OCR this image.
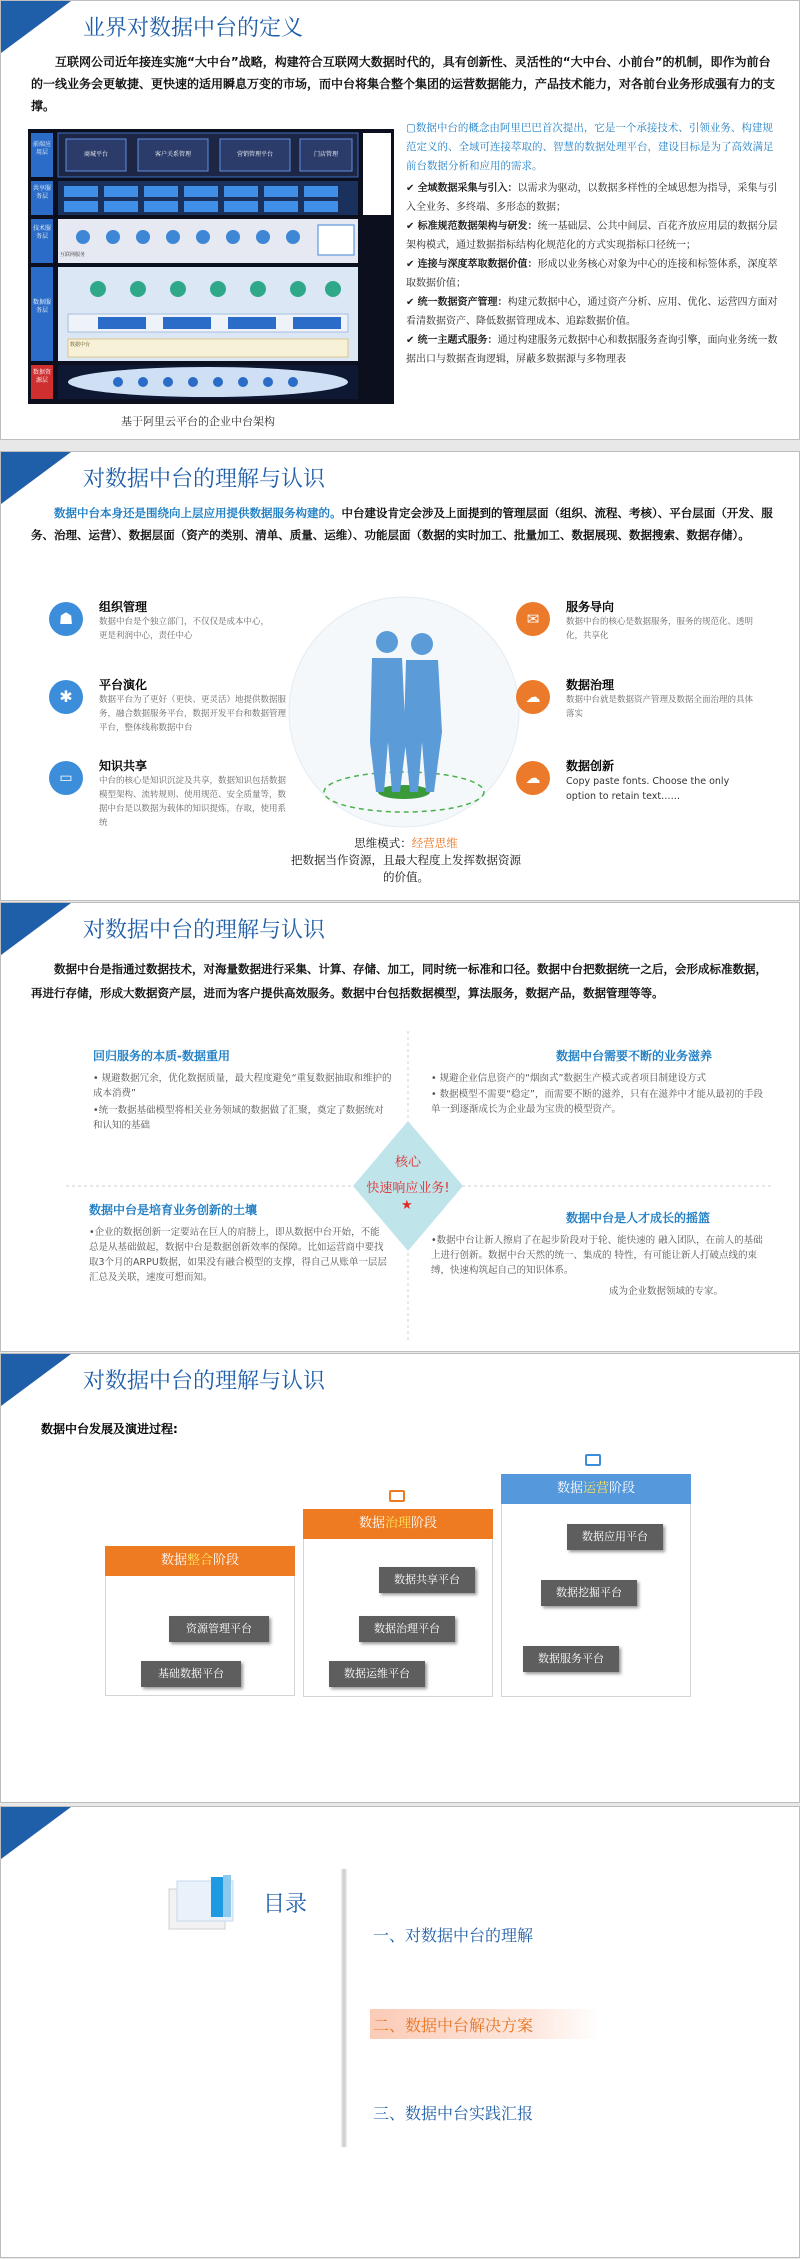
业界对数据中台的定义
互联网公司近年接连实施“大中台”战略，构建符合互联网大数据时代的，具有创新性、灵活性的“大中台、小前台”的机制，即作为前台的一线业务会更敏捷、更快速的适用瞬息万变的市场，而中台将集合整个集团的运营数据能力，产品技术能力，对各前台业务形成强有力的支撑。
前端应用层
共享服务层
技术服务层
数据服务层
数据资源层
商城平台	客户关系管理	营销管理平台	门店管理
互联网服务
数据中台
基于阿里云平台的企业中台架构
▢数据中台的概念由阿里巴巴首次提出，它是一个承接技术、引领业务、构建规范定义的、全域可连接萃取的、智慧的数据处理平台，建设目标是为了高效满足前台数据分析和应用的需求。
✔ 全域数据采集与引入：以需求为驱动，以数据多样性的全域思想为指导，采集与引入全业务、多终端、多形态的数据；
✔ 标准规范数据架构与研发：统一基础层、公共中间层、百花齐放应用层的数据分层架构模式，通过数据指标结构化规范化的方式实现指标口径统一；
✔ 连接与深度萃取数据价值：形成以业务核心对象为中心的连接和标签体系，深度萃取数据价值；
✔ 统一数据资产管理：构建元数据中心，通过资产分析、应用、优化、运营四方面对看清数据资产、降低数据管理成本、追踪数据价值。
✔ 统一主题式服务：通过构建服务元数据中心和数据服务查询引擎，面向业务统一数据出口与数据查询逻辑，屏蔽多数据源与多物理表
对数据中台的理解与认识
数据中台本身还是围绕向上层应用提供数据服务构建的。中台建设肯定会涉及上面提到的管理层面（组织、流程、考核）、平台层面（开发、服务、治理、运营）、数据层面（资产的类别、清单、质量、运维）、功能层面（数据的实时加工、批量加工、数据展现、数据搜索、数据存储）。
☗
组织管理
数据中台是个独立部门，不仅仅是成本中心，更是利润中心，责任中心
✱
平台演化
数据平台为了更好（更快、更灵活）地提供数据服务，融合数据服务平台，数据开发平台和数据管理平台，整体线称数据中台
▭
知识共享
中台的核心是知识沉淀及共享，数据知识包括数据模型架构、流转规则、使用规范、安全质量等，数据中台是以数据为载体的知识提炼，存取，使用系统
✉
服务导向
数据中台的核心是数据服务，服务的规范化、透明化，共享化
☁
数据治理
数据中台就是数据资产管理及数据全面治理的具体落实
☁
数据创新
Copy paste fonts. Choose the only option to retain text……
思维模式：经营思维
把数据当作资源，且最大程度上发挥数据资源的价值。
对数据中台的理解与认识
数据中台是指通过数据技术，对海量数据进行采集、计算、存储、加工，同时统一标准和口径。数据中台把数据统一之后，会形成标准数据，再进行存储，形成大数据资产层，进而为客户提供高效服务。数据中台包括数据模型，算法服务，数据产品，数据管理等等。
核心
快速响应业务!
★
回归服务的本质-数据重用
• 规避数据冗余，优化数据质量，最大程度避免“重复数据抽取和维护的成本消费”
•统一数据基础模型将相关业务领域的数据做了汇聚，奠定了数据统对和认知的基础
数据中台需要不断的业务滋养
• 规避企业信息资产的“烟囱式”数据生产模式或者项目制建设方式
• 数据模型不需要“稳定”，而需要不断的滋养，只有在滋养中才能从最初的手段单一到逐渐成长为企业最为宝贵的模型资产。
数据中台是培育业务创新的土壤
•企业的数据创新一定要站在巨人的肩膀上，即从数据中台开始，不能总是从基础做起，数据中台是数据创新效率的保障。比如运营商中要找取3个月的ARPU数据，如果没有融合模型的支撑，得自己从账单一层层汇总及关联，速度可想而知。
数据中台是人才成长的摇篮
•数据中台让新人擦肩了在起步阶段对于轮、能快速的 融入团队，在前人的基础上进行创新。数据中台天然的统一、集成的 特性，有可能让新人打破点线的束缚，快速构筑起自己的知识体系。
成为企业数据领域的专家。
对数据中台的理解与认识
数据中台发展及演进过程:
数据整合阶段
资源管理平台
基础数据平台
数据治理阶段
数据共享平台
数据治理平台
数据运维平台
数据运营阶段
数据应用平台
数据挖掘平台
数据服务平台
目录
一、对数据中台的理解
二、数据中台解决方案
三、数据中台实践汇报
